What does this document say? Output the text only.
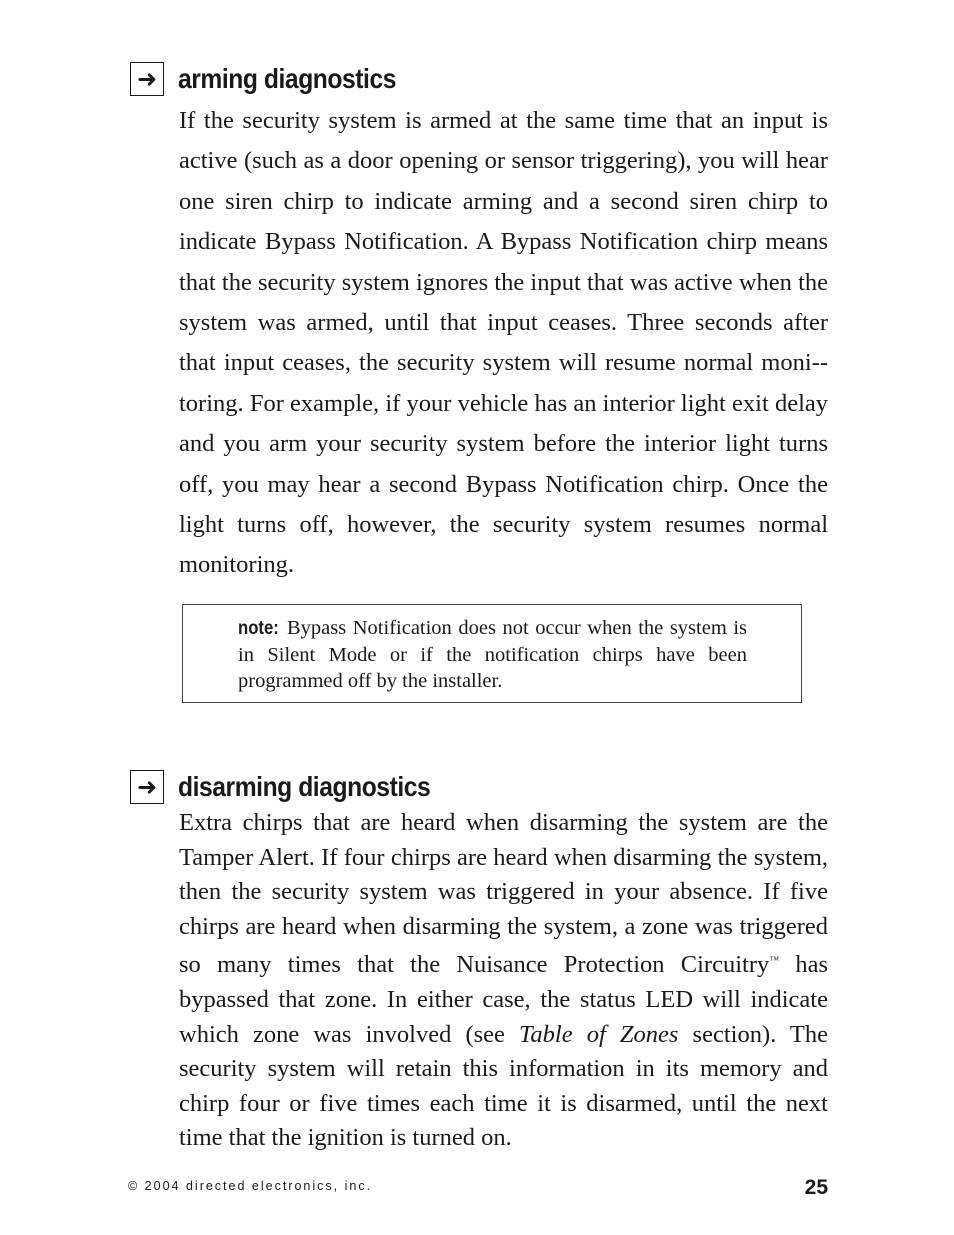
➜ arming diagnostics

If the security system is armed at the same time that an input is active (such as a door opening or sensor triggering), you will hear one siren chirp to indicate arming and a second siren chirp to indicate Bypass Notification. A Bypass Notification chirp means that the security system ignores the input that was active when the system was armed, until that input ceases. Three seconds after that input ceases, the security system will resume normal moni-toring. For example, if your vehicle has an interior light exit delay and you arm your security system before the interior light turns off, you may hear a second Bypass Notification chirp. Once the light turns off, however, the security system resumes normal monitoring.

note: Bypass Notification does not occur when the system is in Silent Mode or if the notification chirps have been programmed off by the installer.

➜ disarming diagnostics

Extra chirps that are heard when disarming the system are the Tamper Alert. If four chirps are heard when disarming the system, then the security system was triggered in your absence. If five chirps are heard when disarming the system, a zone was triggered so many times that the Nuisance Protection Circuitry™ has bypassed that zone. In either case, the status LED will indicate which zone was involved (see Table of Zones section). The security system will retain this information in its memory and chirp four or five times each time it is disarmed, until the next time that the ignition is turned on.

© 2004 directed electronics, inc.	25
